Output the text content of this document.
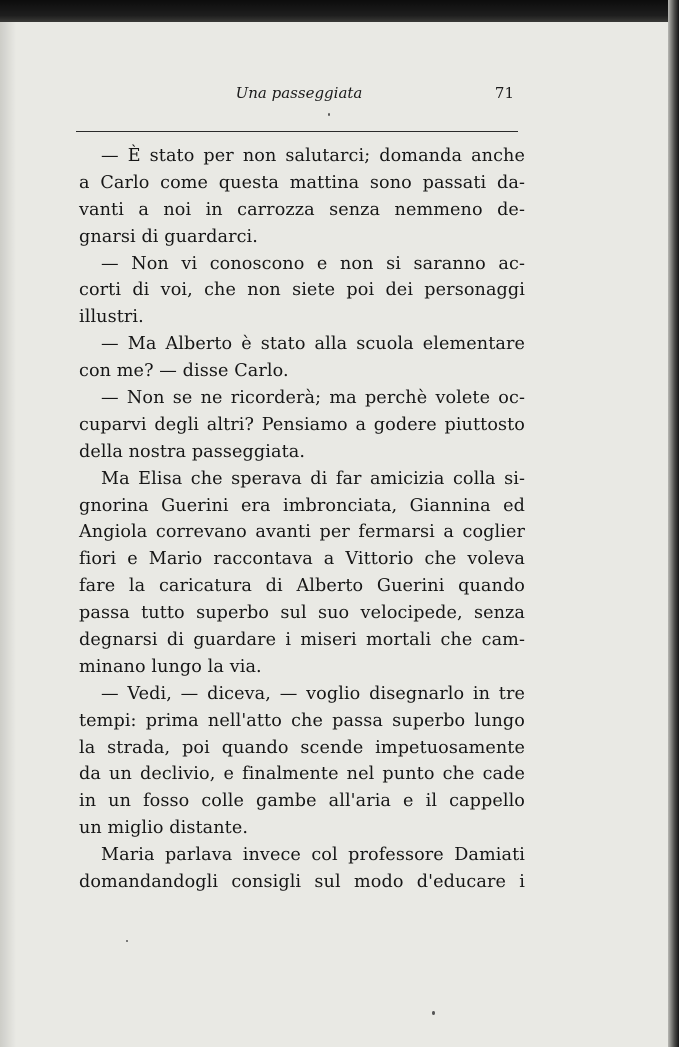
Una passeggiata	71
— È stato per non salutarci; domanda anche
a Carlo come questa mattina sono passati da-
vanti a noi in carrozza senza nemmeno de-
gnarsi di guardarci.
— Non vi conoscono e non si saranno ac-
corti di voi, che non siete poi dei personaggi
illustri.
— Ma Alberto è stato alla scuola elementare
con me? — disse Carlo.
— Non se ne ricorderà; ma perchè volete oc-
cuparvi degli altri? Pensiamo a godere piuttosto
della nostra passeggiata.
Ma Elisa che sperava di far amicizia colla si-
gnorina Guerini era imbronciata, Giannina ed
Angiola correvano avanti per fermarsi a coglier
fiori e Mario raccontava a Vittorio che voleva
fare la caricatura di Alberto Guerini quando
passa tutto superbo sul suo velocipede, senza
degnarsi di guardare i miseri mortali che cam-
minano lungo la via.
— Vedi, — diceva, — voglio disegnarlo in tre
tempi: prima nell'atto che passa superbo lungo
la strada, poi quando scende impetuosamente
da un declivio, e finalmente nel punto che cade
in un fosso colle gambe all'aria e il cappello
un miglio distante.
Maria parlava invece col professore Damiati
domandandogli consigli sul modo d'educare i
